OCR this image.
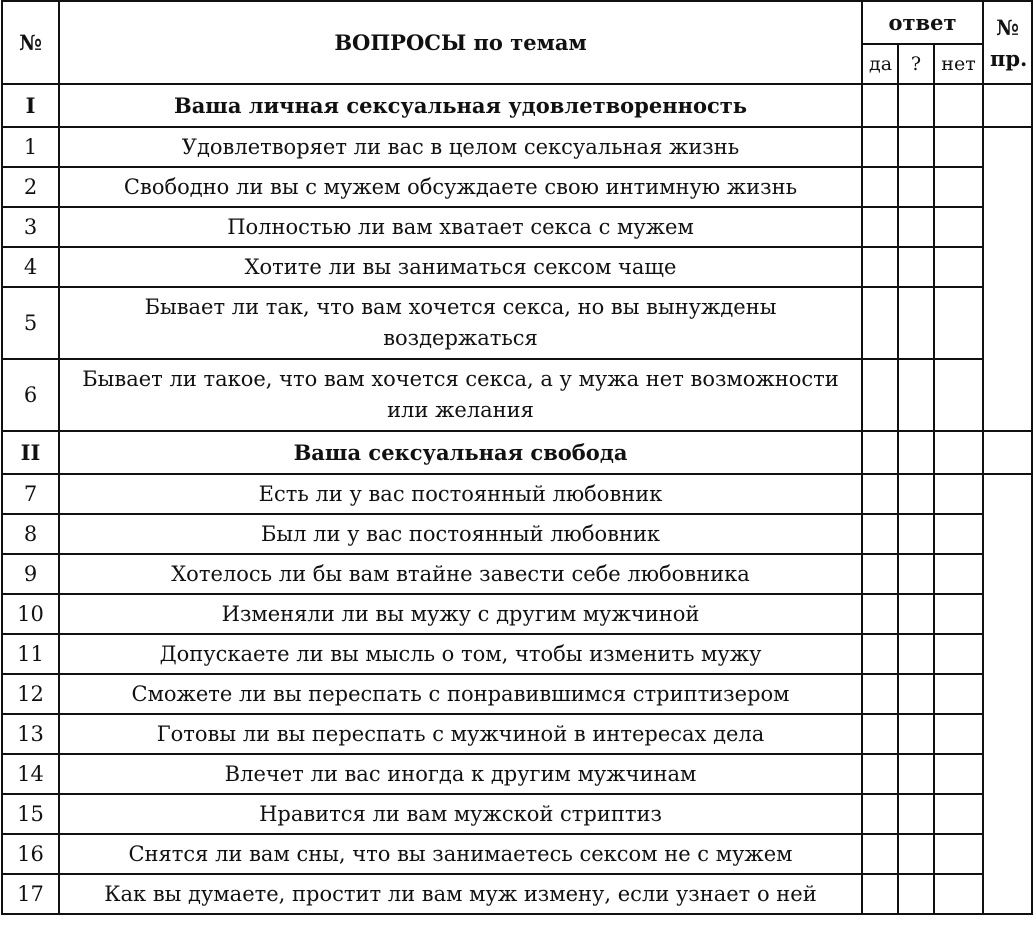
№	ВОПРОСЫ по темам	ответ			№
пр.
		да	?	нет	
I	Ваша личная сексуальная удовлетворенность				
1	Удовлетворяет ли вас в целом сексуальная жизнь				
2	Свободно ли вы с мужем обсуждаете свою интимную жизнь				
3	Полностью ли вам хватает секса с мужем				
4	Хотите ли вы заниматься сексом чаще				
5	Бывает ли так, что вам хочется секса, но вы вынуждены воздержаться				
6	Бывает ли такое, что вам хочется секса, а у мужа нет возможности или желания				
II	Ваша сексуальная свобода				
7	Есть ли у вас постоянный любовник				
8	Был ли у вас постоянный любовник				
9	Хотелось ли бы вам втайне завести себе любовника				
10	Изменяли ли вы мужу с другим мужчиной				
11	Допускаете ли вы мысль о том, чтобы изменить мужу				
12	Сможете ли вы переспать с понравившимся стриптизером				
13	Готовы ли вы переспать с мужчиной в интересах дела				
14	Влечет ли вас иногда к другим мужчинам				
15	Нравится ли вам мужской стриптиз				
16	Снятся ли вам сны, что вы занимаетесь сексом не с мужем				
17	Как вы думаете, простит ли вам муж измену, если узнает о ней				
